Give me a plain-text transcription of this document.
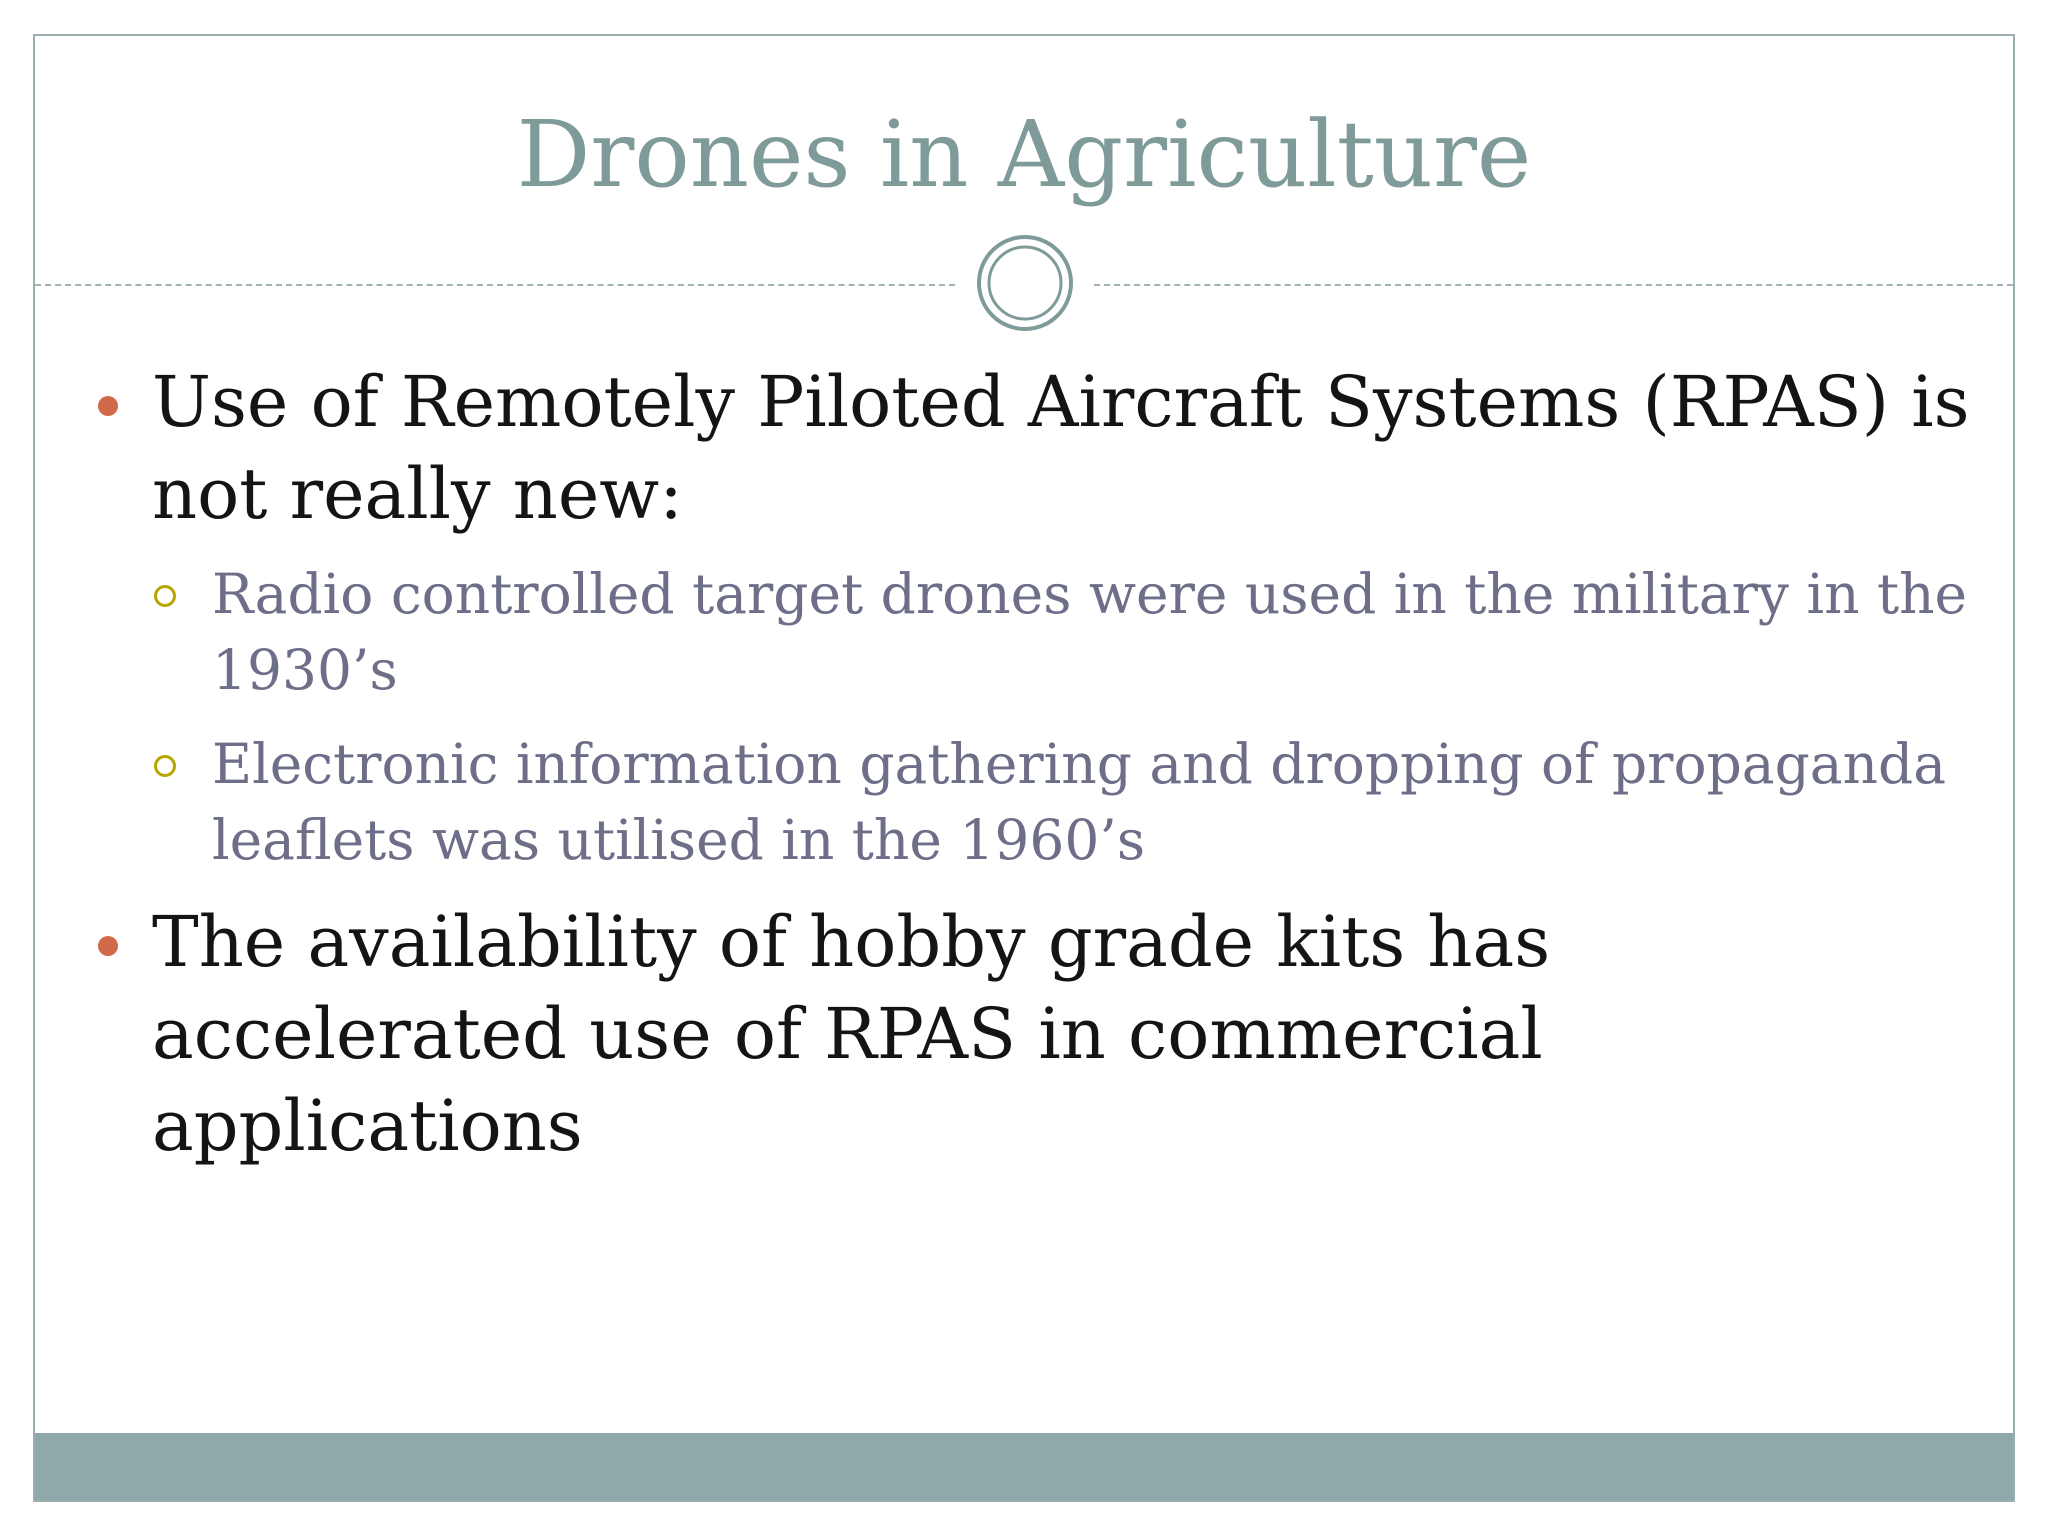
Drones in Agriculture
Use of Remotely Piloted Aircraft Systems (RPAS) is not really new:
Radio controlled target drones were used in the military in the 1930’s
Electronic information gathering and dropping of propaganda leaflets was utilised in the 1960’s
The availability of hobby grade kits has accelerated use of RPAS in commercial applications
